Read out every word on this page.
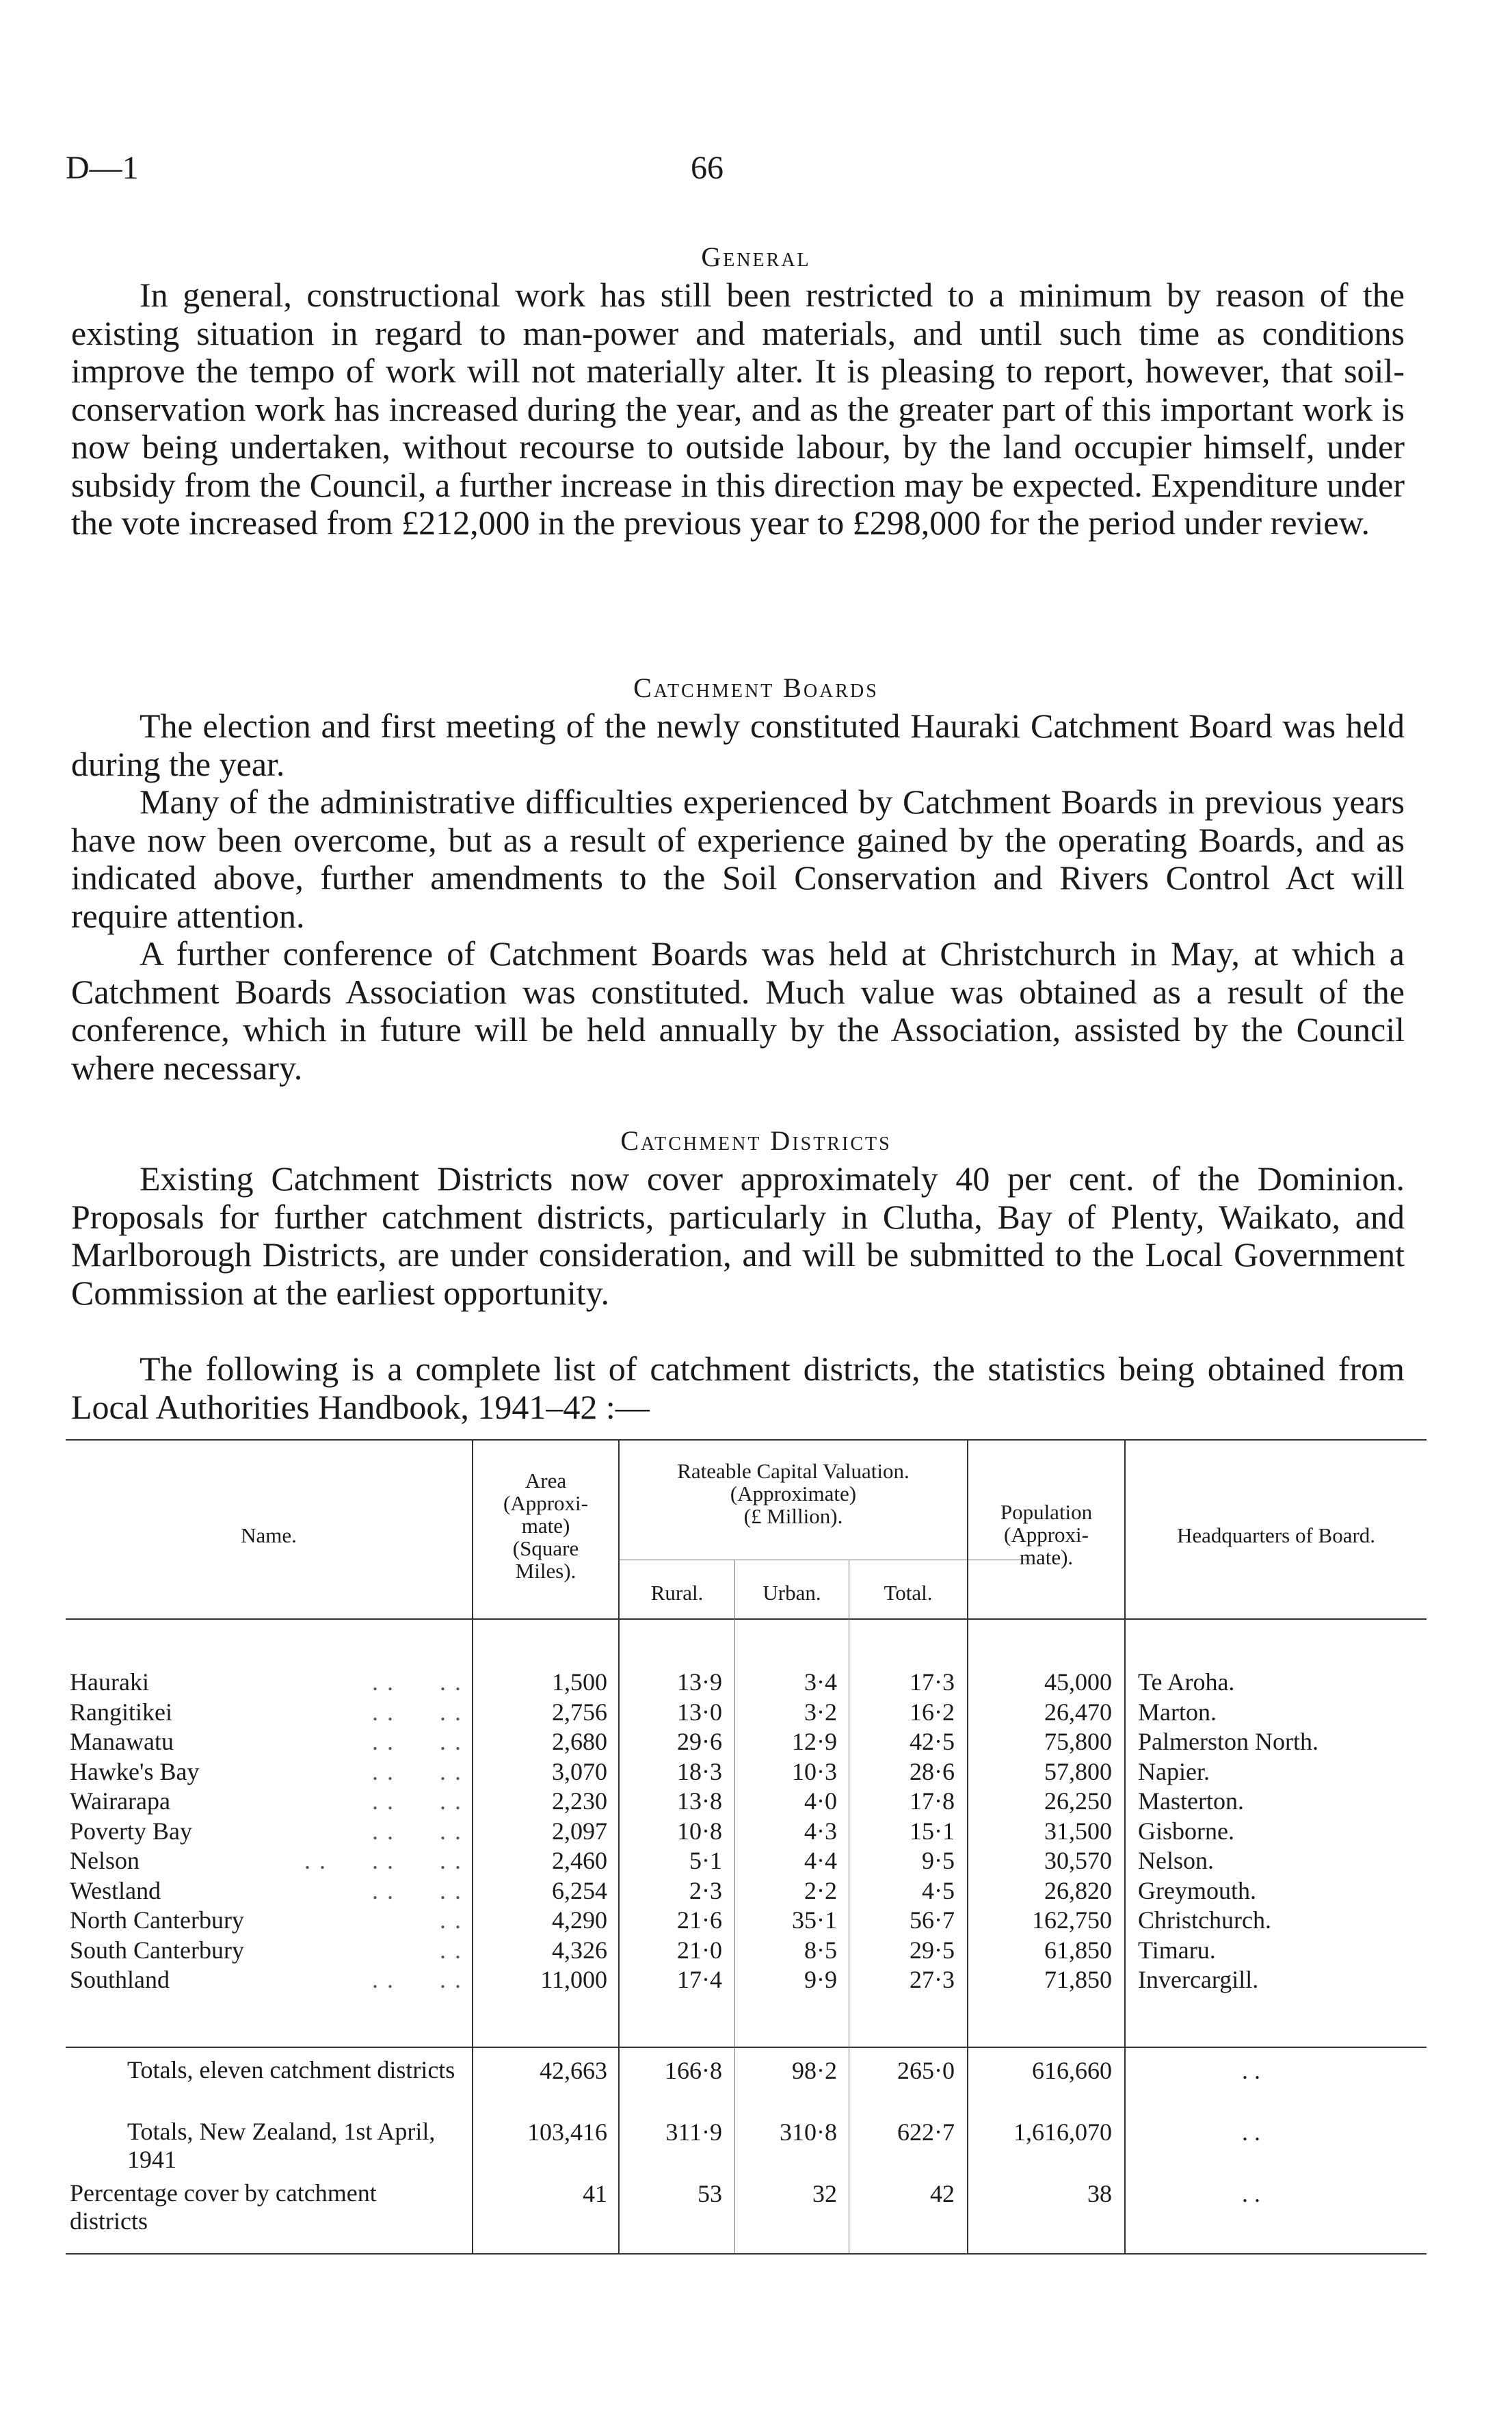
D—1	66
General

In general, constructional work has still been restricted to a minimum by reason of the existing situation in regard to man-power and materials, and until such time as conditions improve the tempo of work will not materially alter. It is pleasing to report, however, that soil-conservation work has increased during the year, and as the greater part of this important work is now being undertaken, without recourse to outside labour, by the land occupier himself, under subsidy from the Council, a further increase in this direction may be expected. Expenditure under the vote increased from £212,000 in the previous year to £298,000 for the period under review.

Catchment Boards

The election and first meeting of the newly constituted Hauraki Catchment Board was held during the year.

Many of the administrative difficulties experienced by Catchment Boards in previous years have now been overcome, but as a result of experience gained by the operating Boards, and as indicated above, further amendments to the Soil Conservation and Rivers Control Act will require attention.

A further conference of Catchment Boards was held at Christchurch in May, at which a Catchment Boards Association was constituted. Much value was obtained as a result of the conference, which in future will be held annually by the Association, assisted by the Council where necessary.

Catchment Districts

Existing Catchment Districts now cover approximately 40 per cent. of the Dominion. Proposals for further catchment districts, particularly in Clutha, Bay of Plenty, Waikato, and Marlborough Districts, are under consideration, and will be submitted to the Local Government Commission at the earliest opportunity.

The following is a complete list of catchment districts, the statistics being obtained from Local Authorities Handbook, 1941–42 :—

Name.
Area
(Approxi-
mate)
(Square
Miles).
Rateable Capital Valuation.
(Approximate)
(£ Million).
Rural.	Urban.	Total.
Population
(Approxi-
mate).
Headquarters of Board.
Hauraki	. .      . .	1,500	13·9	3·4	17·3	45,000 Te Aroha.
Rangitikei	. .      . .	2,756	13·0	3·2	16·2	26,470 Marton.
Manawatu	. .      . .	2,680	29·6	12·9	42·5	75,800 Palmerston North.
Hawke's Bay	. .      . .	3,070	18·3	10·3	28·6	57,800 Napier.
Wairarapa	. .      . .	2,230	13·8	4·0	17·8	26,250 Masterton.
Poverty Bay	. .      . .	2,097	10·8	4·3	15·1	31,500 Gisborne.
Nelson	. .      . .      . .	2,460	5·1	4·4	9·5	30,570 Nelson.
Westland	. .      . .	6,254	2·3	2·2	4·5	26,820 Greymouth.
North Canterbury	. .	4,290	21·6	35·1	56·7	162,750 Christchurch.
South Canterbury	. .	4,326	21·0	8·5	29·5	61,850 Timaru.
Southland	. .      . .	11,000	17·4	9·9	27·3	71,850 Invercargill.
Totals, eleven catchment districts	42,663	166·8	98·2	265·0	616,660	. .
Totals, New Zealand, 1st April, 1941
103,416	311·9	310·8	622·7	1,616,070	. .
Percentage cover by catchment districts
41	53	32	42	38	. .
